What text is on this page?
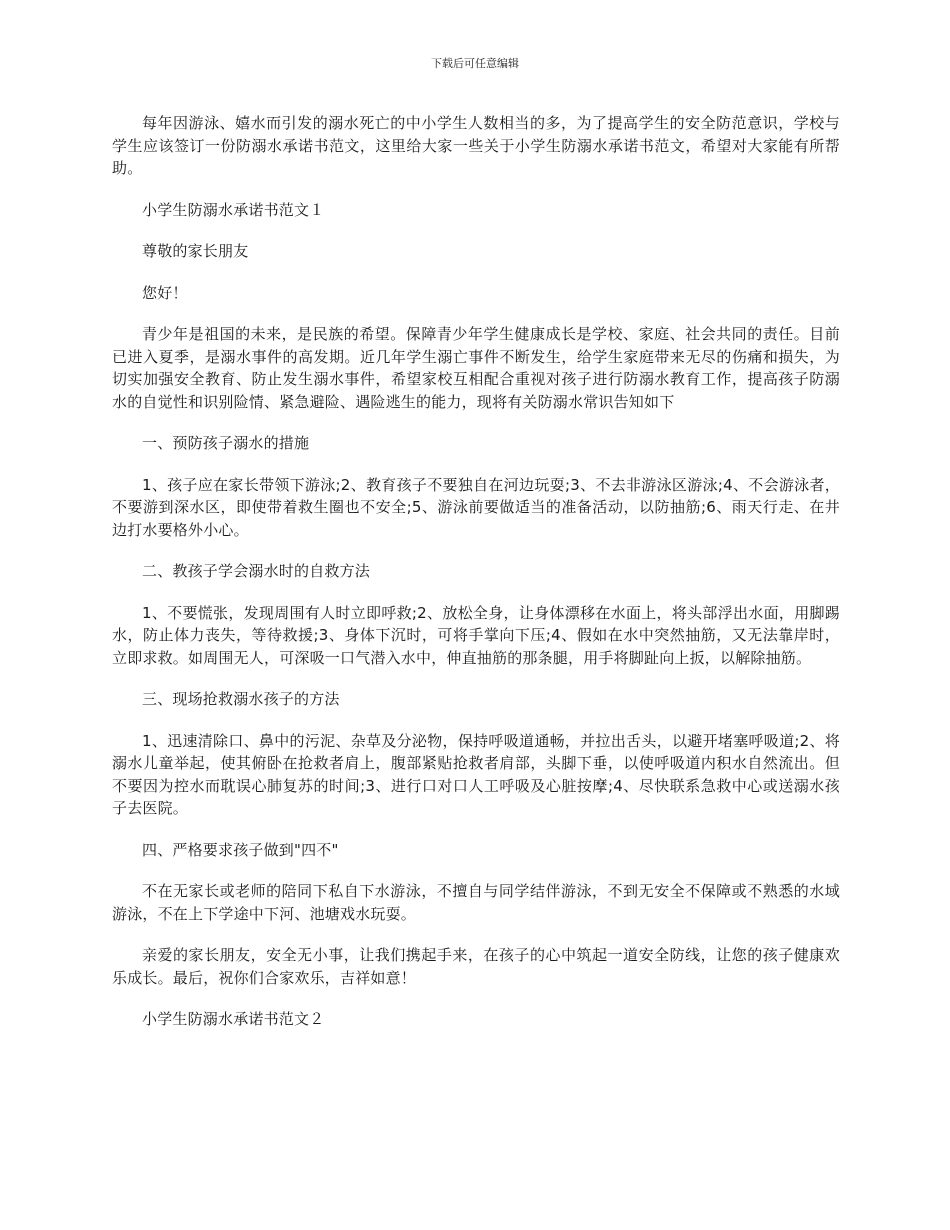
下载后可任意编辑

每年因游泳、嬉水而引发的溺水死亡的中小学生人数相当的多，为了提高学生的安全防范意识，学校与学生应该签订一份防溺水承诺书范文，这里给大家一些关于小学生防溺水承诺书范文，希望对大家能有所帮助。

小学生防溺水承诺书范文１

尊敬的家长朋友

您好！

青少年是祖国的未来，是民族的希望。保障青少年学生健康成长是学校、家庭、社会共同的责任。目前已进入夏季，是溺水事件的高发期。近几年学生溺亡事件不断发生，给学生家庭带来无尽的伤痛和损失，为切实加强安全教育、防止发生溺水事件，希望家校互相配合重视对孩子进行防溺水教育工作，提高孩子防溺水的自觉性和识别险情、紧急避险、遇险逃生的能力，现将有关防溺水常识告知如下

一、预防孩子溺水的措施

1、孩子应在家长带领下游泳;2、教育孩子不要独自在河边玩耍;3、不去非游泳区游泳;4、不会游泳者，不要游到深水区，即使带着救生圈也不安全;5、游泳前要做适当的准备活动，以防抽筋;6、雨天行走、在井边打水要格外小心。

二、教孩子学会溺水时的自救方法

1、不要慌张，发现周围有人时立即呼救;2、放松全身，让身体漂移在水面上，将头部浮出水面，用脚踢水，防止体力丧失，等待救援;3、身体下沉时，可将手掌向下压;4、假如在水中突然抽筋，又无法靠岸时，立即求救。如周围无人，可深吸一口气潜入水中，伸直抽筋的那条腿，用手将脚趾向上扳，以解除抽筋。

三、现场抢救溺水孩子的方法

1、迅速清除口、鼻中的污泥、杂草及分泌物，保持呼吸道通畅，并拉出舌头，以避开堵塞呼吸道;2、将溺水儿童举起，使其俯卧在抢救者肩上，腹部紧贴抢救者肩部，头脚下垂，以使呼吸道内积水自然流出。但不要因为控水而耽误心肺复苏的时间;3、进行口对口人工呼吸及心脏按摩;4、尽快联系急救中心或送溺水孩子去医院。

四、严格要求孩子做到"四不"

不在无家长或老师的陪同下私自下水游泳，不擅自与同学结伴游泳，不到无安全不保障或不熟悉的水域游泳，不在上下学途中下河、池塘戏水玩耍。

亲爱的家长朋友，安全无小事，让我们携起手来，在孩子的心中筑起一道安全防线，让您的孩子健康欢乐成长。最后，祝你们合家欢乐，吉祥如意！

小学生防溺水承诺书范文２
